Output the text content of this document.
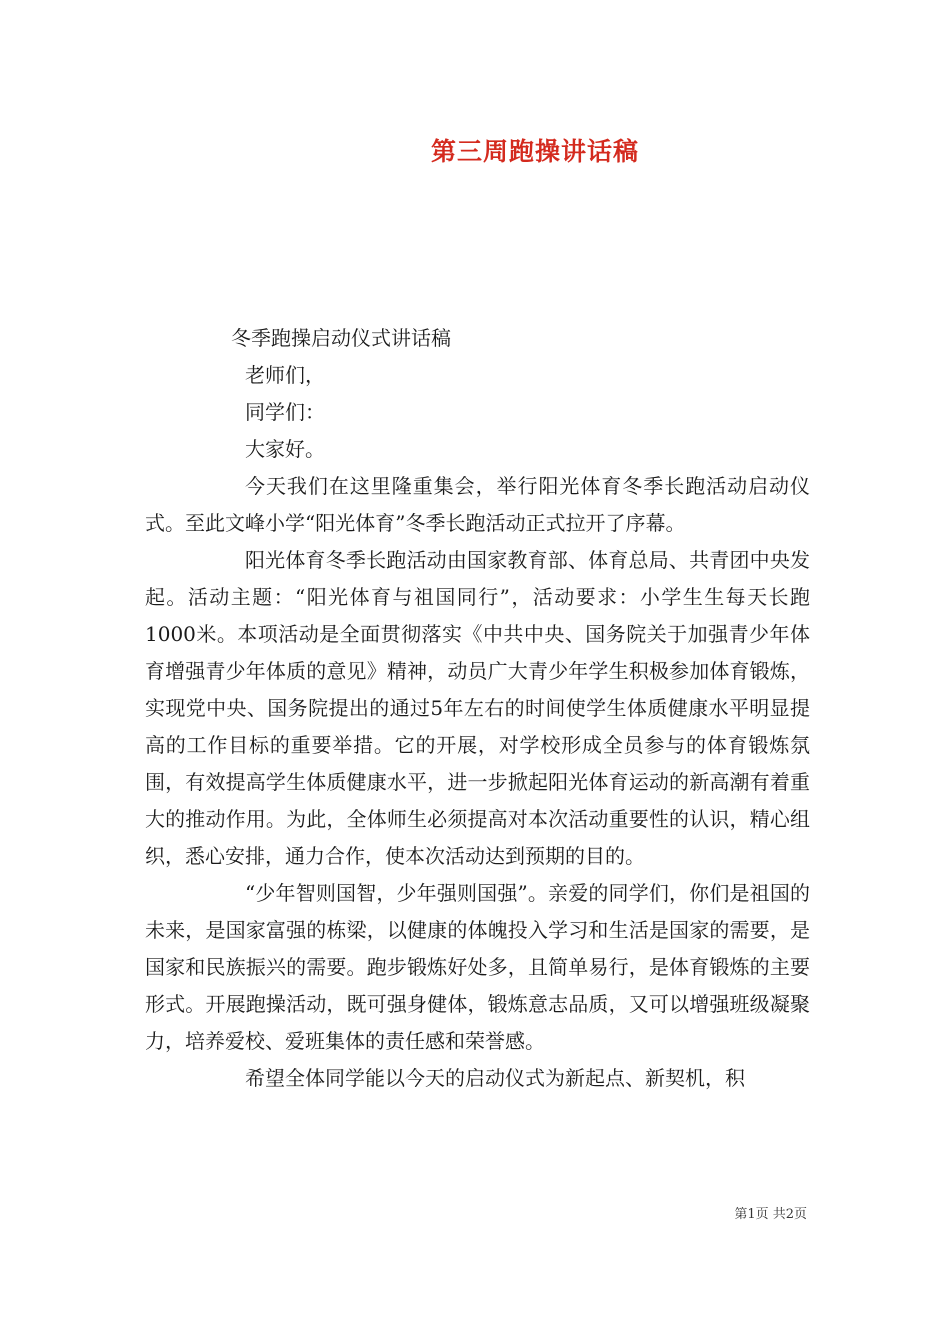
第三周跑操讲话稿
冬季跑操启动仪式讲话稿
老师们，
同学们：
大家好。
今天我们在这里隆重集会，举行阳光体育冬季长跑活动启动仪式。至此文峰小学“阳光体育”冬季长跑活动正式拉开了序幕。
阳光体育冬季长跑活动由国家教育部、体育总局、共青团中央发起。活动主题：“阳光体育与祖国同行”，活动要求：小学生生每天长跑1000米。本项活动是全面贯彻落实《中共中央、国务院关于加强青少年体育增强青少年体质的意见》精神，动员广大青少年学生积极参加体育锻炼，实现党中央、国务院提出的通过5年左右的时间使学生体质健康水平明显提高的工作目标的重要举措。它的开展，对学校形成全员参与的体育锻炼氛围，有效提高学生体质健康水平，进一步掀起阳光体育运动的新高潮有着重大的推动作用。为此，全体师生必须提高对本次活动重要性的认识，精心组织，悉心安排，通力合作，使本次活动达到预期的目的。
“少年智则国智，少年强则国强”。亲爱的同学们，你们是祖国的未来，是国家富强的栋梁，以健康的体魄投入学习和生活是国家的需要，是国家和民族振兴的需要。跑步锻炼好处多，且简单易行，是体育锻炼的主要形式。开展跑操活动，既可强身健体，锻炼意志品质，又可以增强班级凝聚力，培养爱校、爱班集体的责任感和荣誉感。
希望全体同学能以今天的启动仪式为新起点、新契机，积
第1页 共2页
